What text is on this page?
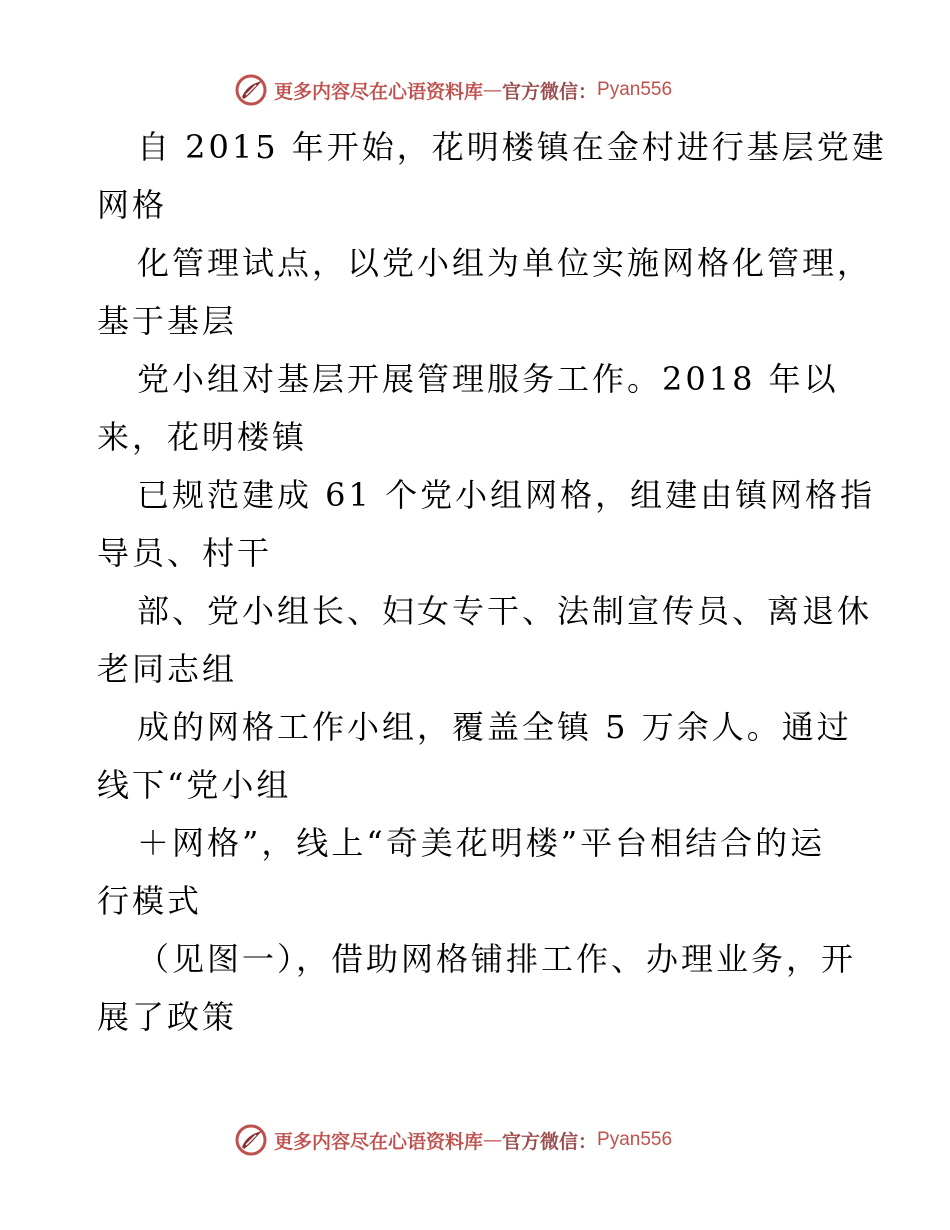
更多内容尽在心语资料库 — 官方微信： Pyan556
自 2015 年开始，花明楼镇在金村进行基层党建
网格
化管理试点，以党小组为单位实施网格化管理，
基于基层
党小组对基层开展管理服务工作。2018 年以
来，花明楼镇
已规范建成 61 个党小组网格，组建由镇网格指
导员、村干
部、党小组长、妇女专干、法制宣传员、离退休
老同志组
成的网格工作小组，覆盖全镇 5 万余人。通过
线下“党小组
＋网格”，线上“奇美花明楼”平台相结合的运
行模式
（见图一），借助网格铺排工作、办理业务，开
展了政策
更多内容尽在心语资料库 — 官方微信： Pyan556
